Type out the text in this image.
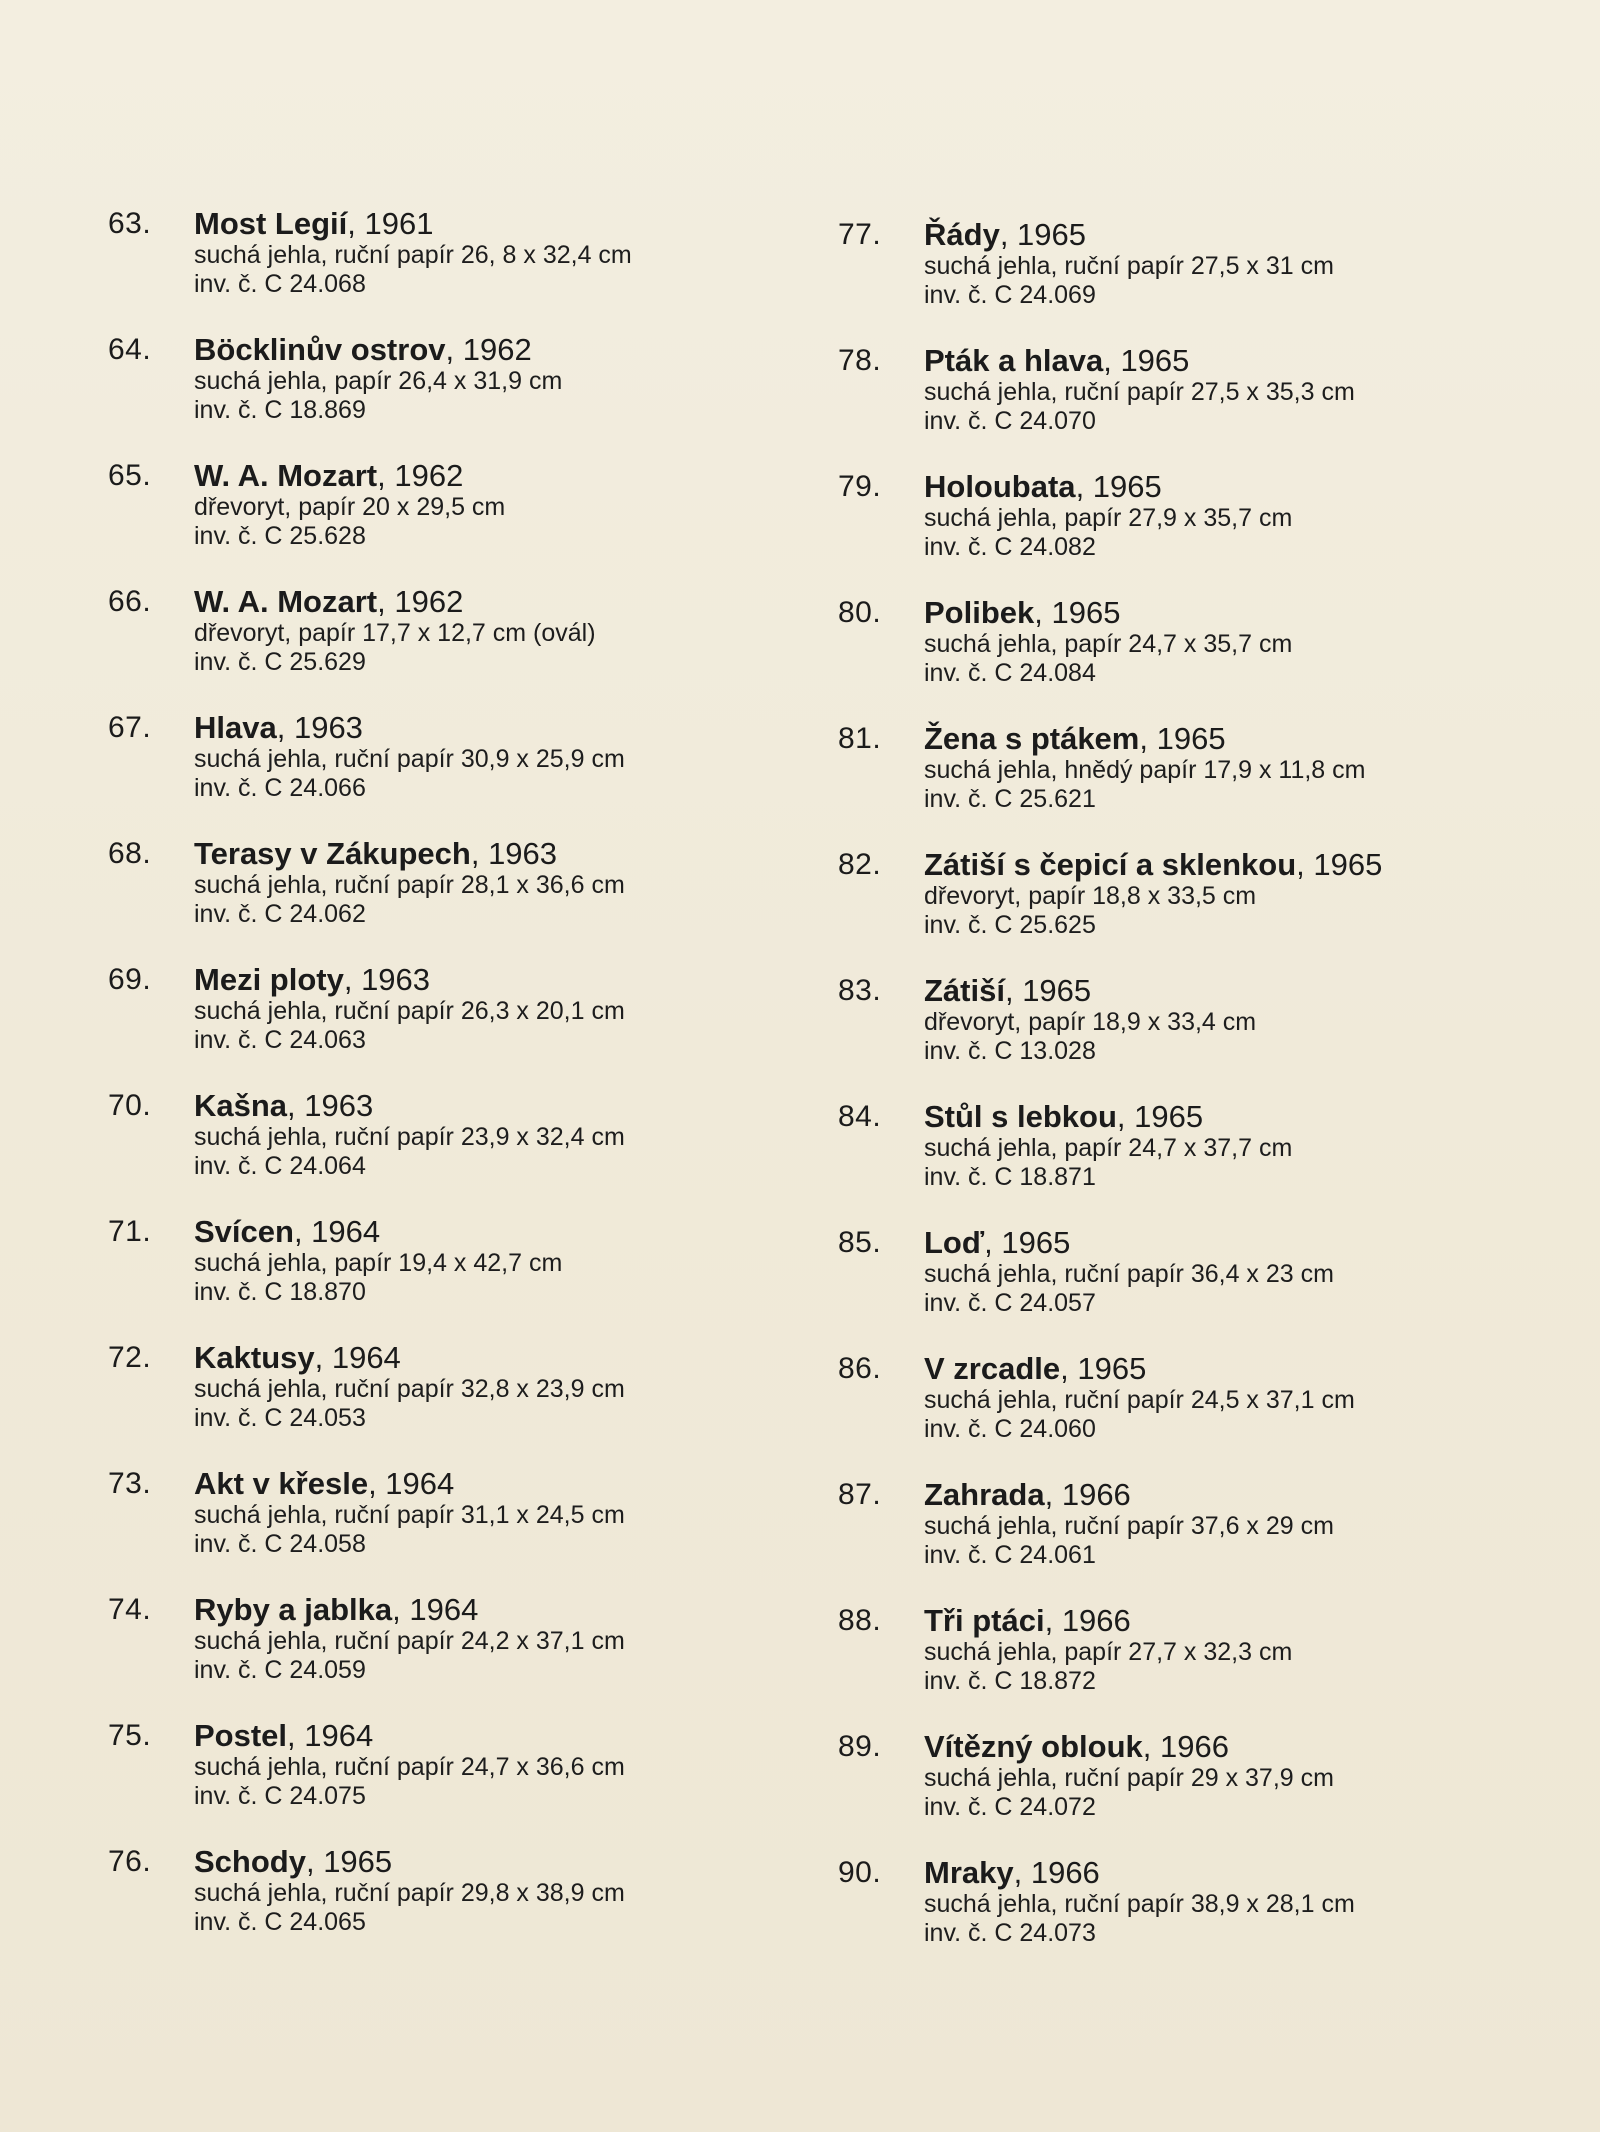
63.	Most Legií, 1961
suchá jehla, ruční papír 26, 8 x 32,4 cm
inv. č. C 24.068
64.	Böcklinův ostrov, 1962
suchá jehla, papír 26,4 x 31,9 cm
inv. č. C 18.869
65.	W. A. Mozart, 1962
dřevoryt, papír 20 x 29,5 cm
inv. č. C 25.628
66.	W. A. Mozart, 1962
dřevoryt, papír 17,7 x 12,7 cm (ovál)
inv. č. C 25.629
67.	Hlava, 1963
suchá jehla, ruční papír 30,9 x 25,9 cm
inv. č. C 24.066
68.	Terasy v Zákupech, 1963
suchá jehla, ruční papír 28,1 x 36,6 cm
inv. č. C 24.062
69.	Mezi ploty, 1963
suchá jehla, ruční papír 26,3 x 20,1 cm
inv. č. C 24.063
70.	Kašna, 1963
suchá jehla, ruční papír 23,9 x 32,4 cm
inv. č. C 24.064
71.	Svícen, 1964
suchá jehla, papír 19,4 x 42,7 cm
inv. č. C 18.870
72.	Kaktusy, 1964
suchá jehla, ruční papír 32,8 x 23,9 cm
inv. č. C 24.053
73.	Akt v křesle, 1964
suchá jehla, ruční papír 31,1 x 24,5 cm
inv. č. C 24.058
74.	Ryby a jablka, 1964
suchá jehla, ruční papír 24,2 x 37,1 cm
inv. č. C 24.059
75.	Postel, 1964
suchá jehla, ruční papír 24,7 x 36,6 cm
inv. č. C 24.075
76.	Schody, 1965
suchá jehla, ruční papír 29,8 x 38,9 cm
inv. č. C 24.065
77.	Řády, 1965
suchá jehla, ruční papír 27,5 x 31 cm
inv. č. C 24.069
78.	Pták a hlava, 1965
suchá jehla, ruční papír 27,5 x 35,3 cm
inv. č. C 24.070
79.	Holoubata, 1965
suchá jehla, papír 27,9 x 35,7 cm
inv. č. C 24.082
80.	Polibek, 1965
suchá jehla, papír 24,7 x 35,7 cm
inv. č. C 24.084
81.	Žena s ptákem, 1965
suchá jehla, hnědý papír 17,9 x 11,8 cm
inv. č. C 25.621
82.	Zátiší s čepicí a sklenkou, 1965
dřevoryt, papír 18,8 x 33,5 cm
inv. č. C 25.625
83.	Zátiší, 1965
dřevoryt, papír 18,9 x 33,4 cm
inv. č. C 13.028
84.	Stůl s lebkou, 1965
suchá jehla, papír 24,7 x 37,7 cm
inv. č. C 18.871
85.	Loď, 1965
suchá jehla, ruční papír 36,4 x 23 cm
inv. č. C 24.057
86.	V zrcadle, 1965
suchá jehla, ruční papír 24,5 x 37,1 cm
inv. č. C 24.060
87.	Zahrada, 1966
suchá jehla, ruční papír 37,6 x 29 cm
inv. č. C 24.061
88.	Tři ptáci, 1966
suchá jehla, papír 27,7 x 32,3 cm
inv. č. C 18.872
89.	Vítězný oblouk, 1966
suchá jehla, ruční papír 29 x 37,9 cm
inv. č. C 24.072
90.	Mraky, 1966
suchá jehla, ruční papír 38,9 x 28,1 cm
inv. č. C 24.073
